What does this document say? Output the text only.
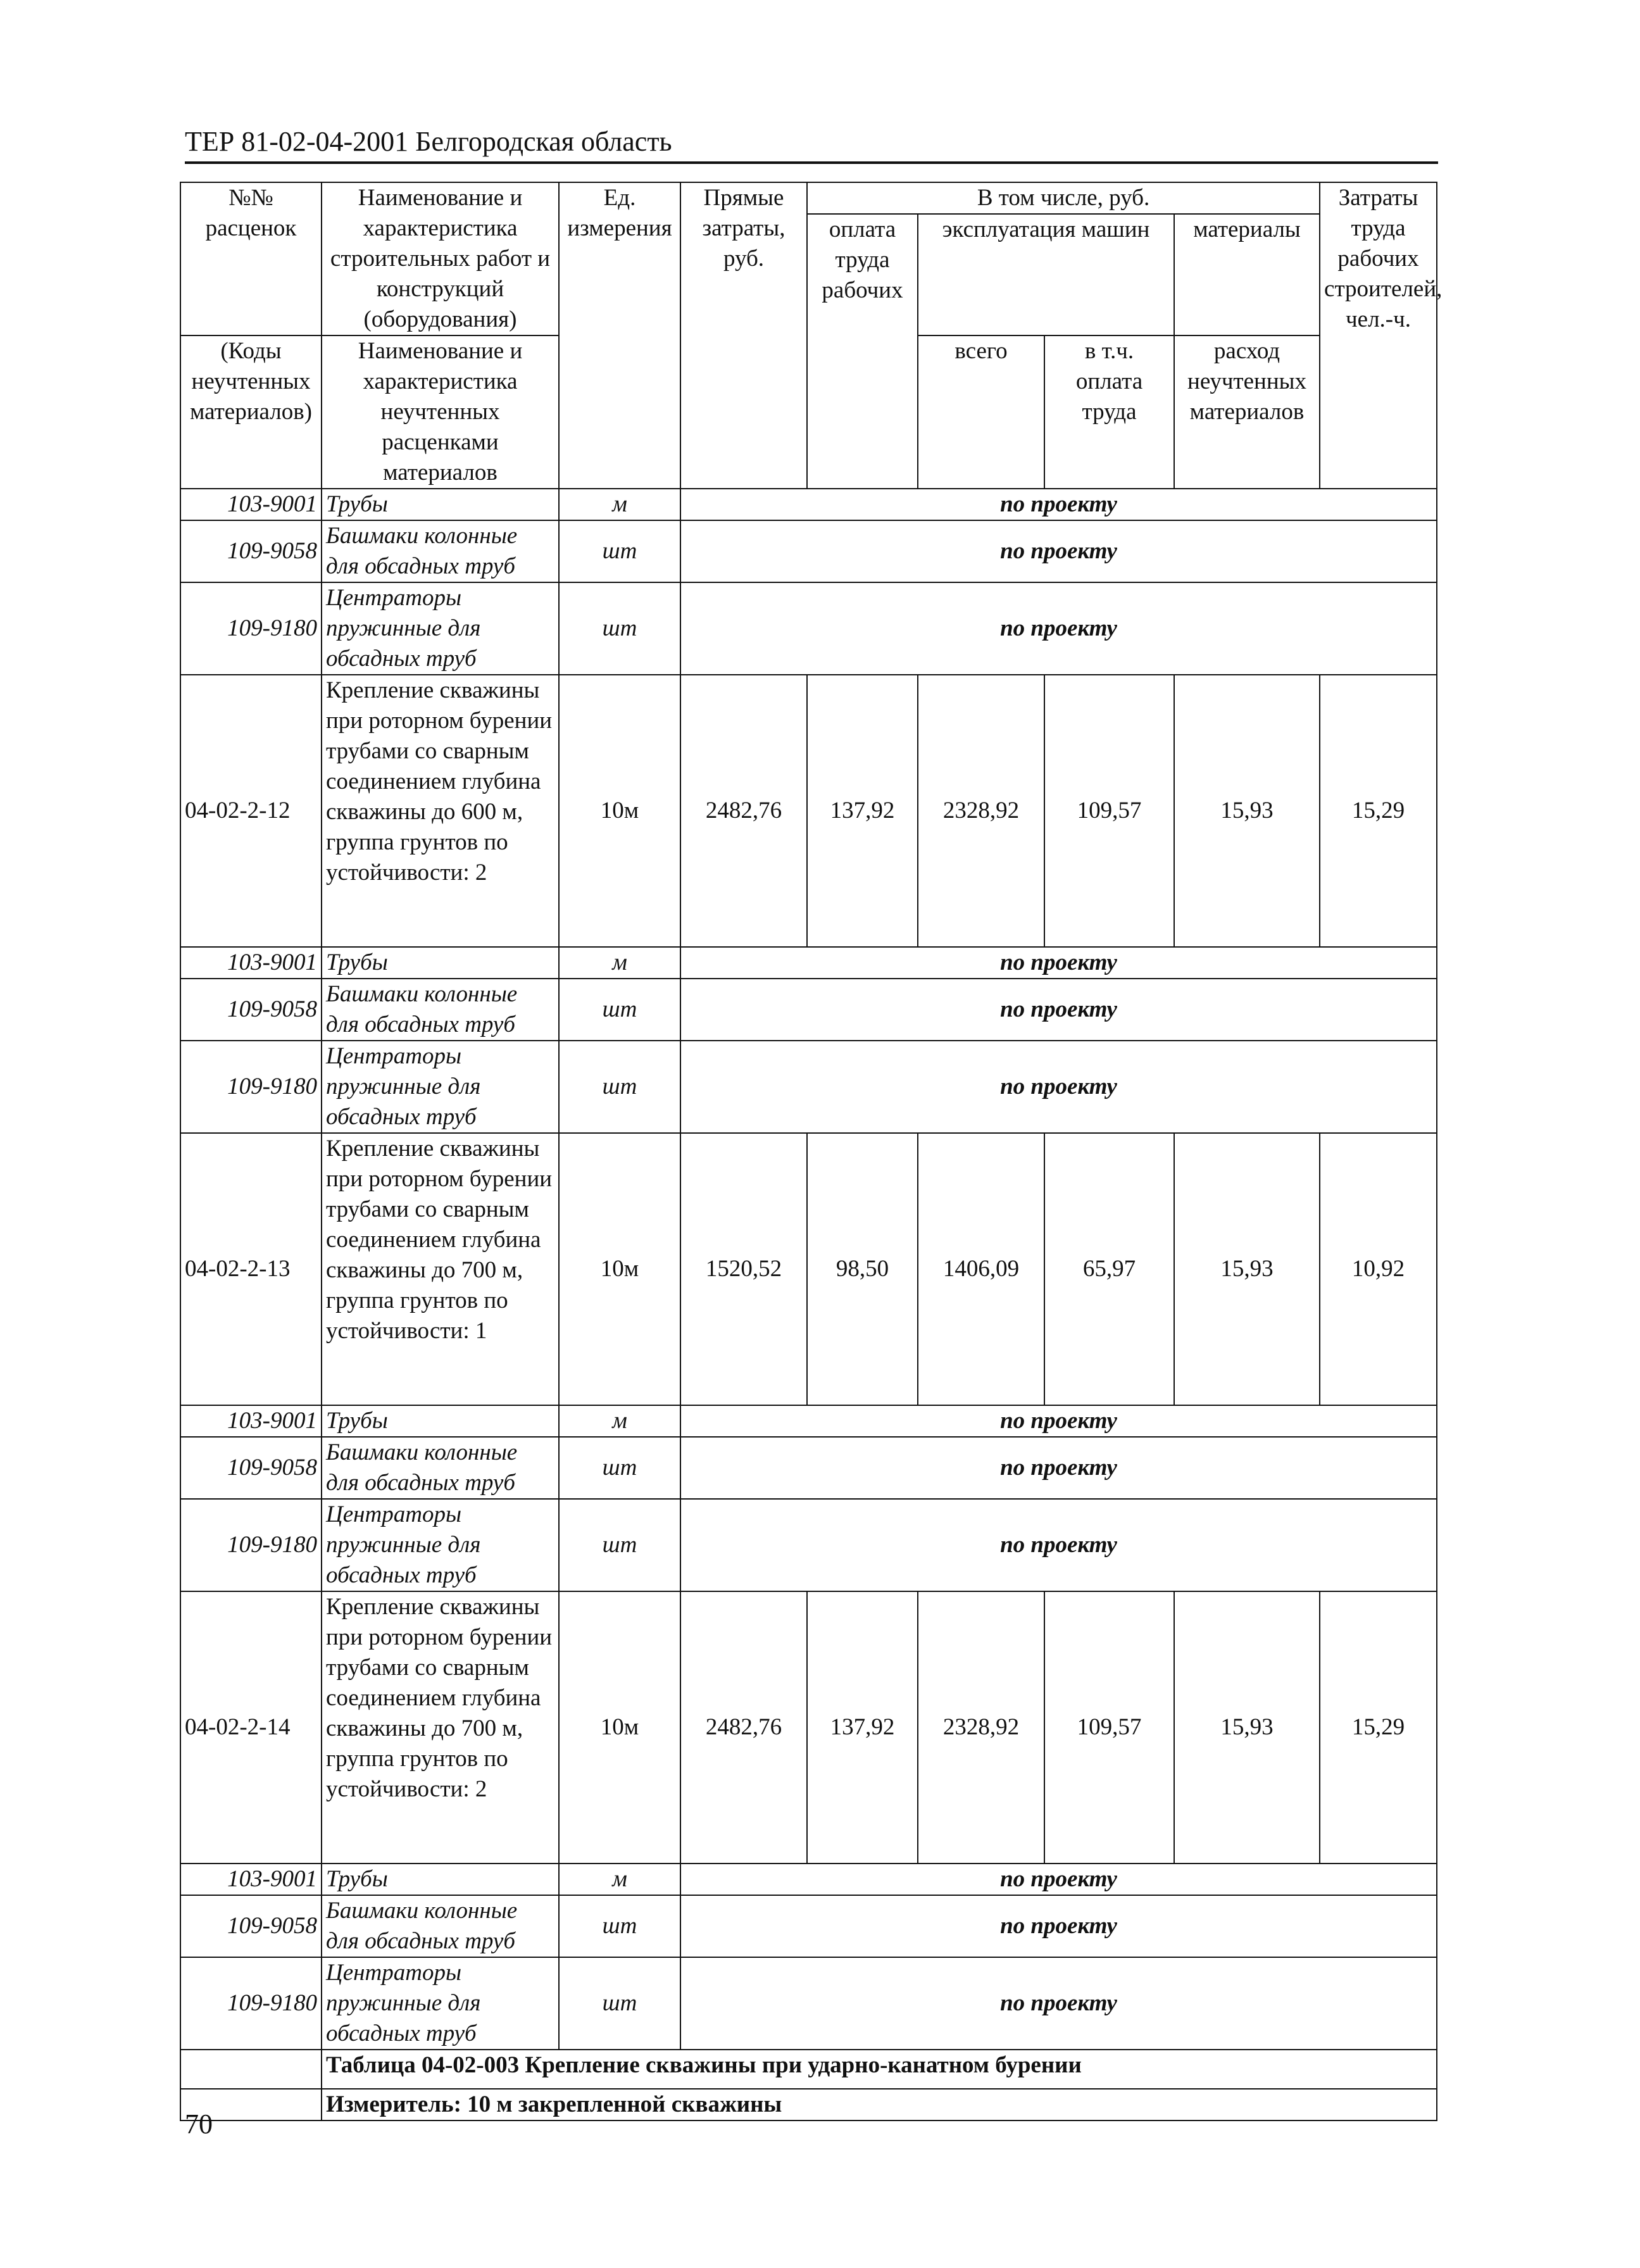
ТЕР 81-02-04-2001 Белгородская область
№№ расценок	Наименование и характеристика строительных работ и конструкций (оборудования)	Ед. измерения	Прямые затраты, руб.	В том числе, руб.				Затраты труда рабочих строителей, чел.-ч.
				оплата труда рабочих	эксплуатация машин		материалы	
(Коды неучтенных материалов)	Наименование и характеристика неучтенных расценками материалов				всего	в т.ч. оплата труда	расход неучтенных материалов	

103-9001	Трубы	м	по проекту					
109-9058	Башмаки колонные для обсадных труб	шт	по проекту					
109-9180	Центраторы пружинные для обсадных труб	шт	по проекту					
04-02-2-12	Крепление скважины при роторном бурении трубами со сварным соединением глубина скважины до 600 м, группа грунтов по устойчивости: 2	10м	2482,76	137,92	2328,92	109,57	15,93	15,29
103-9001	Трубы	м	по проекту					
109-9058	Башмаки колонные для обсадных труб	шт	по проекту					
109-9180	Центраторы пружинные для обсадных труб	шт	по проекту					
04-02-2-13	Крепление скважины при роторном бурении трубами со сварным соединением глубина скважины до 700 м, группа грунтов по устойчивости: 1	10м	1520,52	98,50	1406,09	65,97	15,93	10,92
103-9001	Трубы	м	по проекту					
109-9058	Башмаки колонные для обсадных труб	шт	по проекту					
109-9180	Центраторы пружинные для обсадных труб	шт	по проекту					
04-02-2-14	Крепление скважины при роторном бурении трубами со сварным соединением глубина скважины до 700 м, группа грунтов по устойчивости: 2	10м	2482,76	137,92	2328,92	109,57	15,93	15,29
103-9001	Трубы	м	по проекту					
109-9058	Башмаки колонные для обсадных труб	шт	по проекту					
109-9180	Центраторы пружинные для обсадных труб	шт	по проекту					
	Таблица 04-02-003 Крепление скважины при ударно-канатном бурении							
	Измеритель: 10 м закрепленной скважины							
70
